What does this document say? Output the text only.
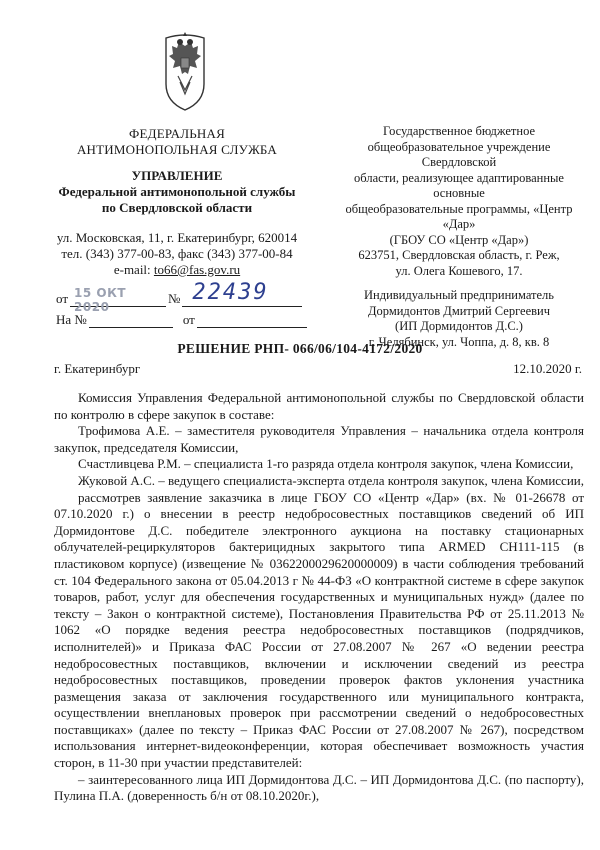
ФЕДЕРАЛЬНАЯ
АНТИМОНОПОЛЬНАЯ СЛУЖБА
УПРАВЛЕНИЕ
Федеральной антимонопольной службы
по Свердловской области
ул. Московская, 11, г. Екатеринбург, 620014
тел. (343) 377-00-83, факс (343) 377-00-84
e-mail: to66@fas.gov.ru
Государственное бюджетное
общеобразовательное учреждение Свердловской
области, реализующее адаптированные основные
общеобразовательные программы, «Центр «Дар»
(ГБОУ СО «Центр «Дар»)
623751, Свердловская область, г. Реж,
ул. Олега Кошевого, 17.
Индивидуальный предприниматель
Дормидонтов Дмитрий Сергеевич
(ИП Дормидонтов Д.С.)
г. Челябинск, ул. Чоппа, д. 8, кв. 8
от 15 ОКТ 2020
№ 22439
На №	от
РЕШЕНИЕ РНП- 066/06/104-4172/2020
г. Екатеринбург	12.10.2020 г.

Комиссия Управления Федеральной антимонопольной службы по Свердловской области по контролю в сфере закупок в составе:

Трофимова А.Е. – заместителя руководителя Управления – начальника отдела контроля закупок, председателя Комиссии,

Счастливцева Р.М. – специалиста 1-го разряда отдела контроля закупок, члена Комиссии,

Жуковой А.С. – ведущего специалиста-эксперта отдела контроля закупок, члена Комиссии,

рассмотрев заявление заказчика в лице ГБОУ СО «Центр «Дар» (вх. № 01-26678 от 07.10.2020 г.) о внесении в реестр недобросовестных поставщиков сведений об ИП Дормидонтове Д.С. победителе электронного аукциона на поставку стационарных облучателей-рециркуляторов бактерицидных закрытого типа ARMED СН111-115 (в пластиковом корпусе) (извещение № 0362200029620000009) в части соблюдения требований ст. 104 Федерального закона от 05.04.2013 г № 44-ФЗ «О контрактной системе в сфере закупок товаров, работ, услуг для обеспечения государственных и муниципальных нужд» (далее по тексту – Закон о контрактной системе), Постановления Правительства РФ от 25.11.2013 № 1062 «О порядке ведения реестра недобросовестных поставщиков (подрядчиков, исполнителей)» и Приказа ФАС России от 27.08.2007 № 267 «О ведении реестра недобросовестных поставщиков, включении и исключении сведений из реестра недобросовестных поставщиков, проведении проверок фактов уклонения участника размещения заказа от заключения государственного или муниципального контракта, осуществлении внеплановых проверок при рассмотрении сведений о недобросовестных поставщиках» (далее по тексту – Приказ ФАС России от 27.08.2007 № 267), посредством использования интернет-видеоконференции, которая обеспечивает возможность участия сторон, в 11-30 при участии представителей:

– заинтересованного лица ИП Дормидонтова Д.С. – ИП Дормидонтова Д.С. (по паспорту), Пулина П.А. (доверенность б/н от 08.10.2020г.),
